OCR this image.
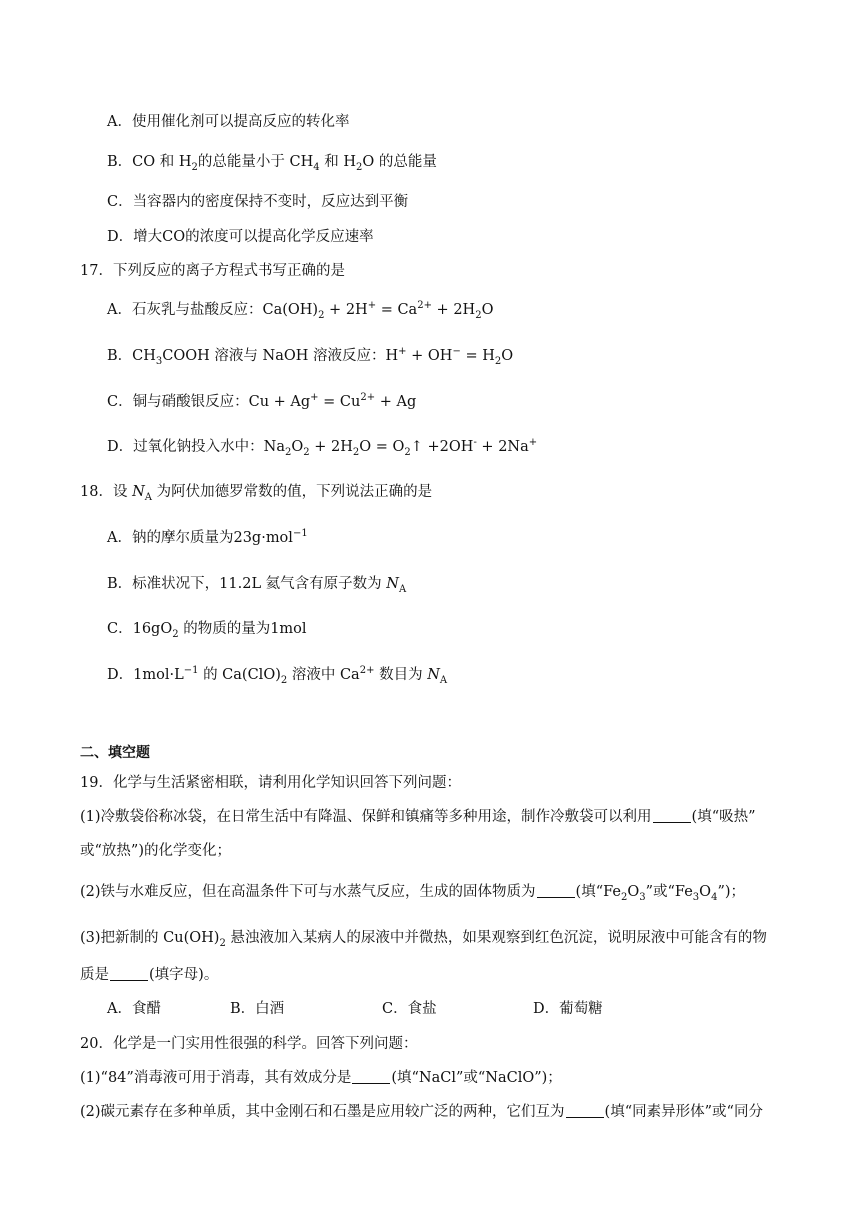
A．使用催化剂可以提高反应的转化率
B．CO 和 $H_2$的总能量小于 $CH_4$ 和 $H_2O$ 的总能量
C．当容器内的密度保持不变时，反应达到平衡
D．增大CO的浓度可以提高化学反应速率
17．下列反应的离子方程式书写正确的是
A．石灰乳与盐酸反应：$Ca(OH)_2 + 2H^+ = Ca^{2+} + 2H_2O$
B．$CH_3COOH$ 溶液与 NaOH 溶液反应：$H^+ + OH^- = H_2O$
C．铜与硝酸银反应：$Cu + Ag^+ = Cu^{2+} + Ag$
D．过氧化钠投入水中：$Na_2O_2 + 2H_2O$ = $O_2↑ +2OH^- + 2Na^+$
18．设 $N_A$ 为阿伏加德罗常数的值，下列说法正确的是
A．钠的摩尔质量为23g·mol$^{-1}$
B．标准状况下，11.2L 氦气含有原子数为 $N_A$
C．$16gO_2$ 的物质的量为1mol
D．$1mol\cdot L^{-1}$ 的 $Ca(ClO)_2$ 溶液中 $Ca^{2+}$ 数目为 $N_A$
二、填空题
19．化学与生活紧密相联，请利用化学知识回答下列问题：
(1)冷敷袋俗称冰袋，在日常生活中有降温、保鲜和镇痛等多种用途，制作冷敷袋可以利用	(填“吸热”
或“放热”)的化学变化；
(2)铁与水难反应，但在高温条件下可与水蒸气反应，生成的固体物质为	(填“$Fe_2O_3$”或“$Fe_3O_4$”)；
(3)把新制的 $Cu(OH)_2$ 悬浊液加入某病人的尿液中并微热，如果观察到红色沉淀，说明尿液中可能含有的物
质是	(填字母)。
A．食醋	B．白酒	C．食盐	D．葡萄糖
20．化学是一门实用性很强的科学。回答下列问题：
(1)“84”消毒液可用于消毒，其有效成分是	(填“NaCl”或“NaClO”)；
(2)碳元素存在多种单质，其中金刚石和石墨是应用较广泛的两种，它们互为	(填“同素异形体”或“同分
